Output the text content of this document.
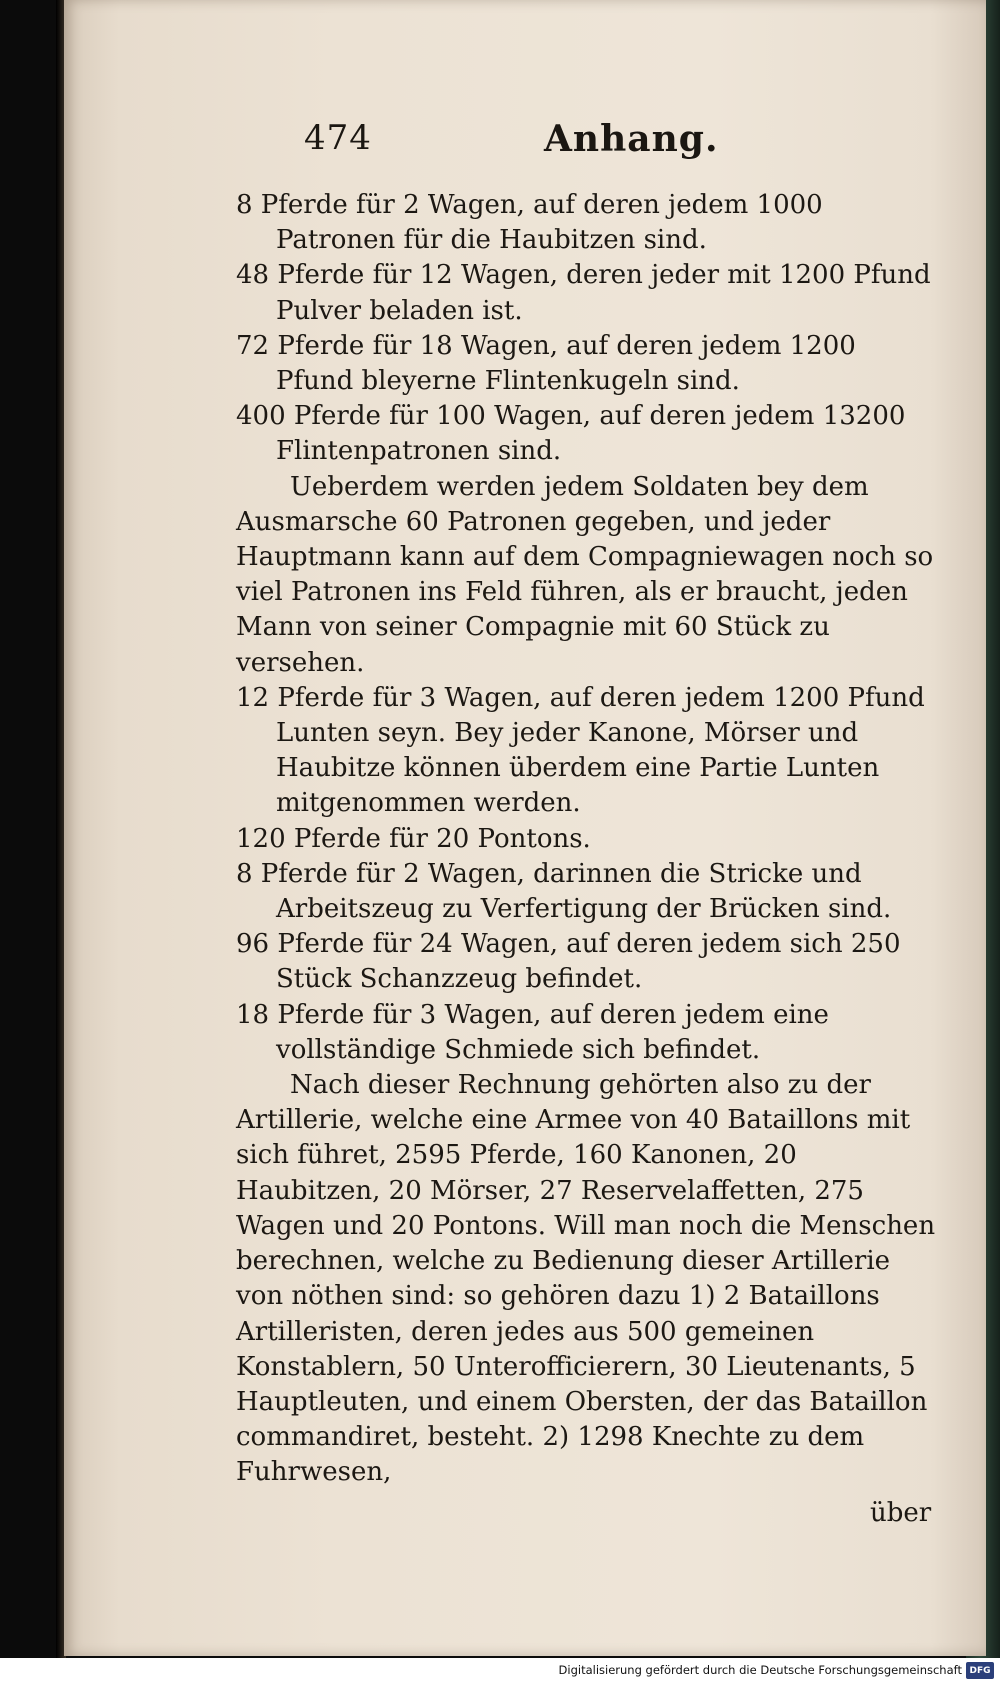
474	Anhang.

8 Pferde für 2 Wagen, auf deren jedem 1000 Patronen für die Haubitzen sind.

48 Pferde für 12 Wagen, deren jeder mit 1200 Pfund Pulver beladen ist.

72 Pferde für 18 Wagen, auf deren jedem 1200 Pfund bleyerne Flintenkugeln sind.

400 Pferde für 100 Wagen, auf deren jedem 13200 Flintenpatronen sind.

Ueberdem werden jedem Soldaten bey dem Ausmarsche 60 Patronen gegeben, und jeder Hauptmann kann auf dem Compagniewagen noch so viel Patronen ins Feld führen, als er braucht, jeden Mann von seiner Compagnie mit 60 Stück zu versehen.

12 Pferde für 3 Wagen, auf deren jedem 1200 Pfund Lunten seyn. Bey jeder Kanone, Mörser und Haubitze können überdem eine Partie Lunten mitgenommen werden.

120 Pferde für 20 Pontons.

8 Pferde für 2 Wagen, darinnen die Stricke und Arbeitszeug zu Verfertigung der Brücken sind.

96 Pferde für 24 Wagen, auf deren jedem sich 250 Stück Schanzzeug befindet.

18 Pferde für 3 Wagen, auf deren jedem eine vollständige Schmiede sich befindet.

Nach dieser Rechnung gehörten also zu der Artillerie, welche eine Armee von 40 Bataillons mit sich führet, 2595 Pferde, 160 Kanonen, 20 Haubitzen, 20 Mörser, 27 Reservelaffetten, 275 Wagen und 20 Pontons. Will man noch die Menschen berechnen, welche zu Bedienung dieser Artillerie von nöthen sind: so gehören dazu 1) 2 Bataillons Artilleristen, deren jedes aus 500 gemeinen Konstablern, 50 Unterofficierern, 30 Lieutenants, 5 Hauptleuten, und einem Obersten, der das Bataillon commandiret, besteht. 2) 1298 Knechte zu dem Fuhrwesen,

über
Digitalisierung gefördert durch die Deutsche Forschungsgemeinschaft DFG
